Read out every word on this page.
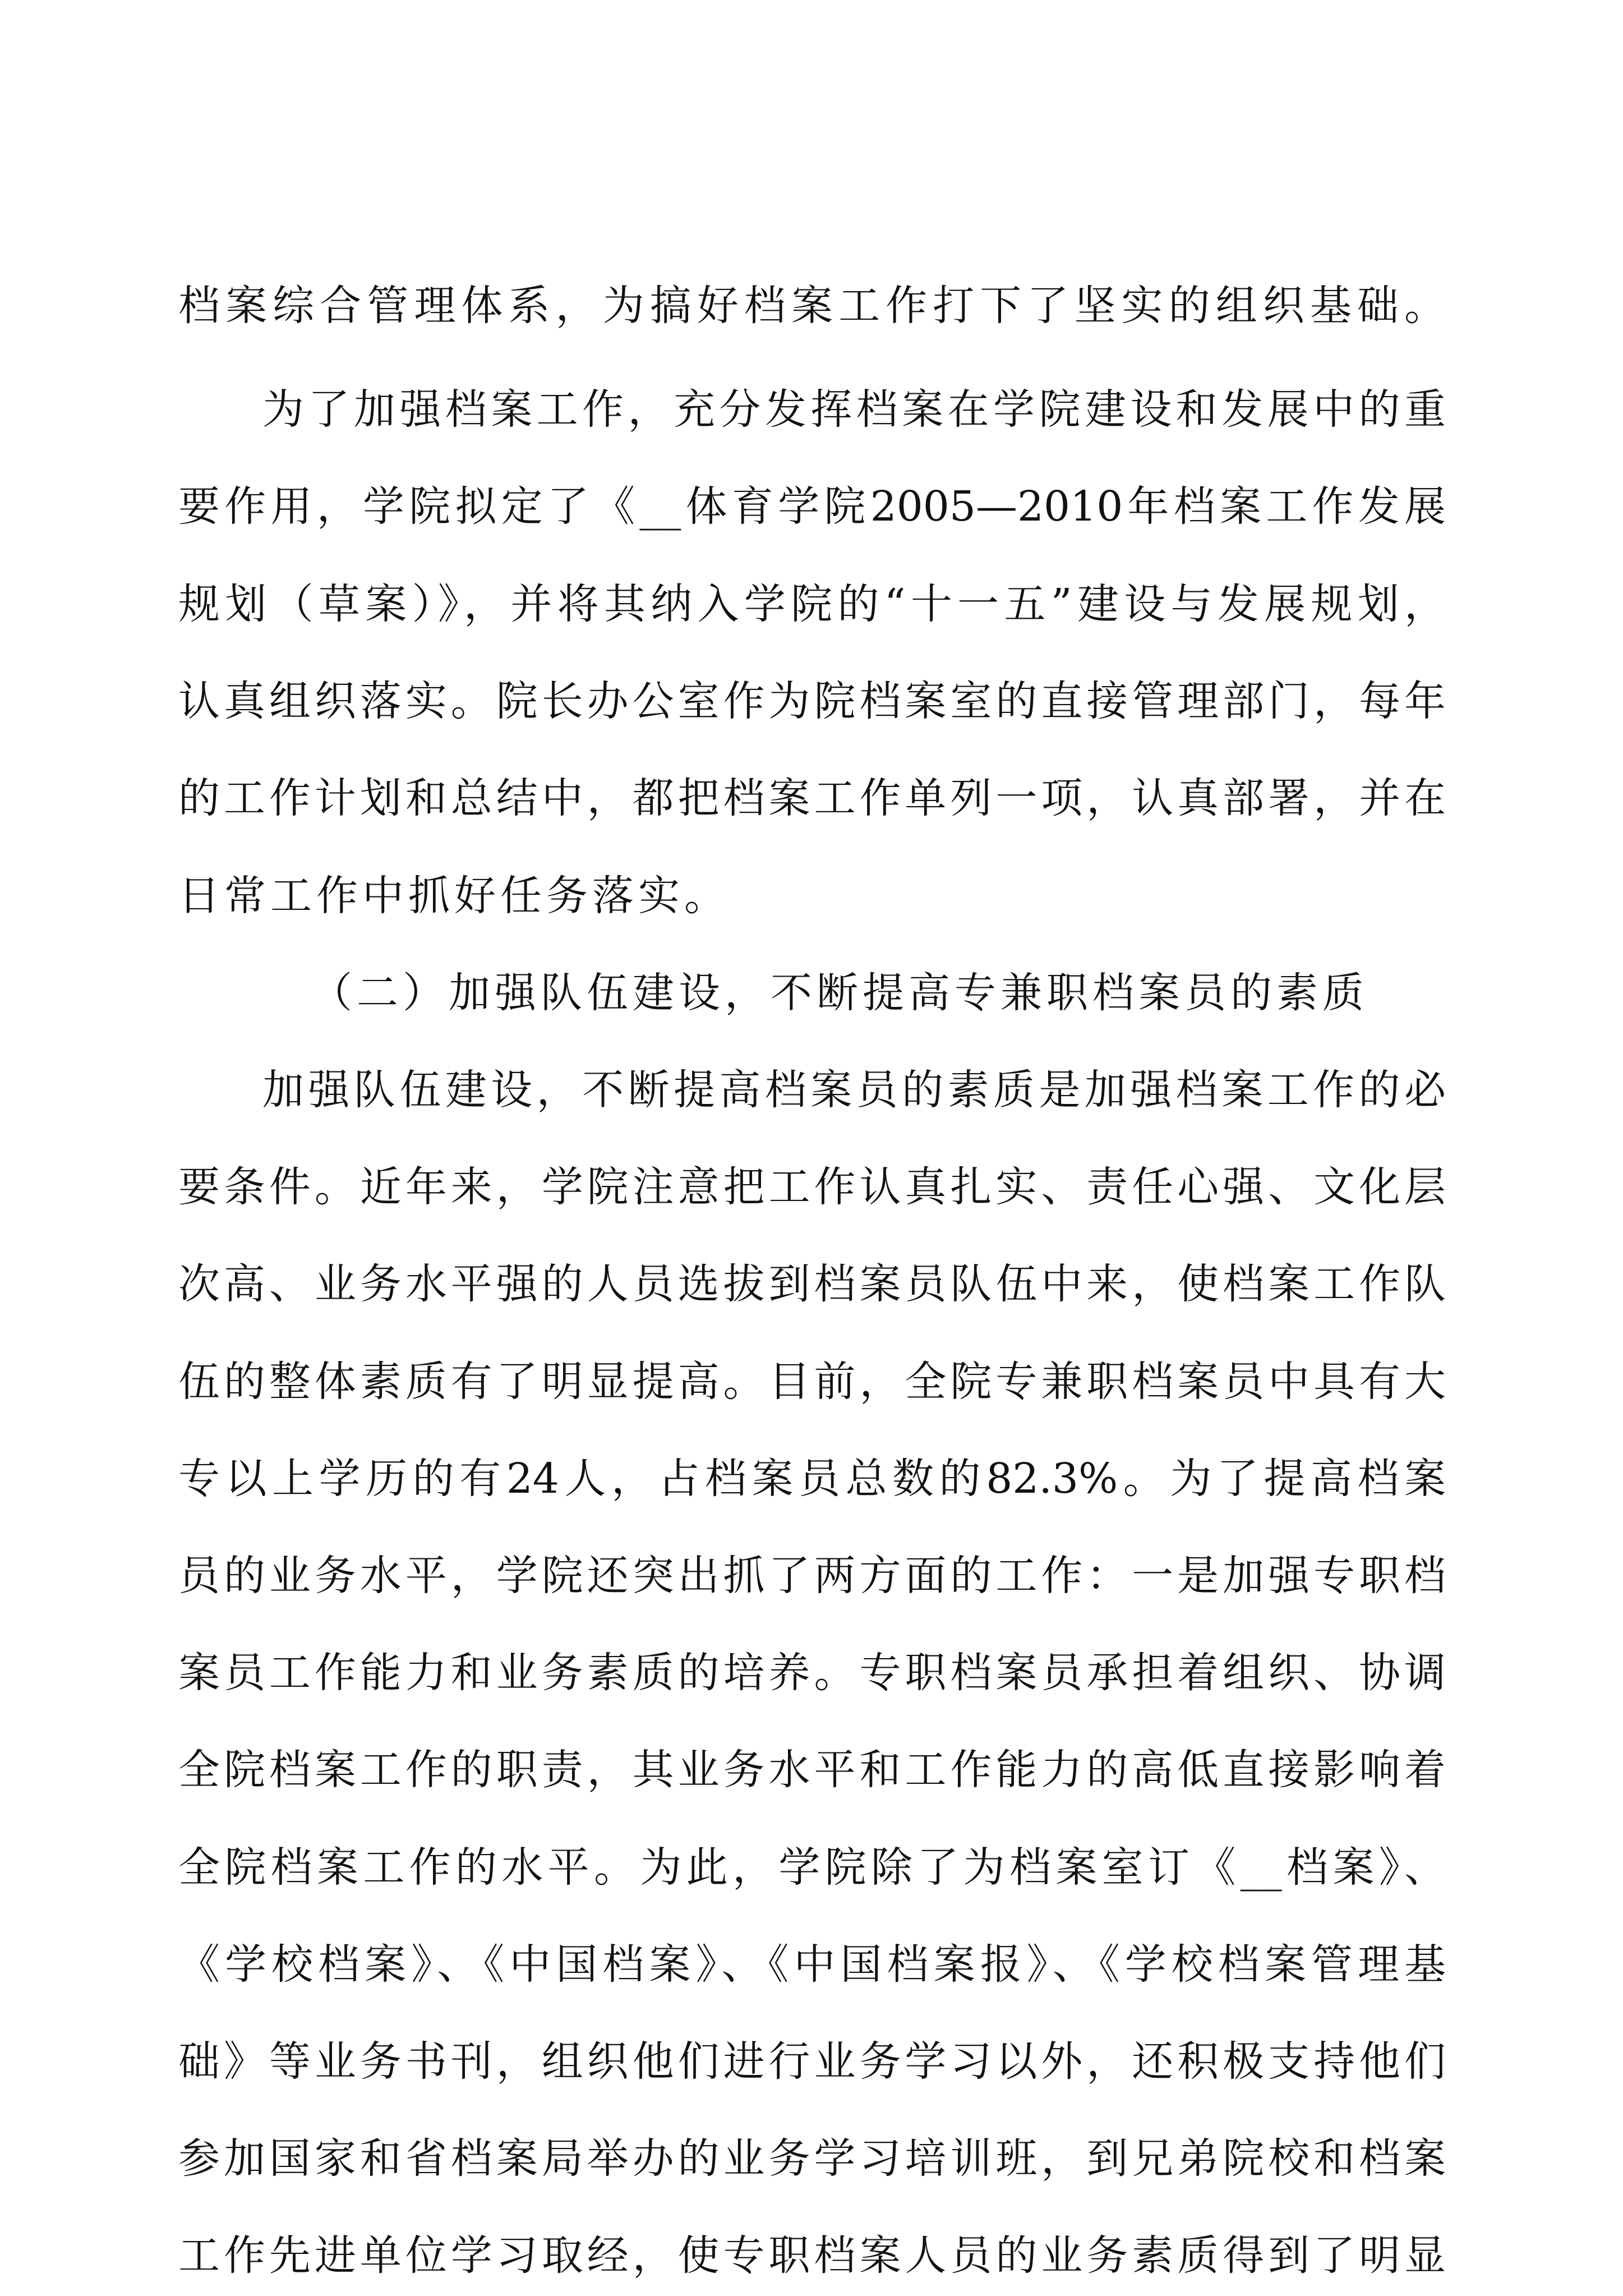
档案综合管理体系，为搞好档案工作打下了坚实的组织基础。
为了加强档案工作，充分发挥档案在学院建设和发展中的重
要作用，学院拟定了《__体育学院2005—2010年档案工作发展
规划（草案）》，并将其纳入学院的“十一五”建设与发展规划，
认真组织落实。院长办公室作为院档案室的直接管理部门，每年
的工作计划和总结中，都把档案工作单列一项，认真部署，并在
日常工作中抓好任务落实。
（二）加强队伍建设，不断提高专兼职档案员的素质
加强队伍建设，不断提高档案员的素质是加强档案工作的必
要条件。近年来，学院注意把工作认真扎实、责任心强、文化层
次高、业务水平强的人员选拔到档案员队伍中来，使档案工作队
伍的整体素质有了明显提高。目前，全院专兼职档案员中具有大
专以上学历的有24人，占档案员总数的82.3%。为了提高档案
员的业务水平，学院还突出抓了两方面的工作：一是加强专职档
案员工作能力和业务素质的培养。专职档案员承担着组织、协调
全院档案工作的职责，其业务水平和工作能力的高低直接影响着
全院档案工作的水平。为此，学院除了为档案室订《__档案》、
《学校档案》、《中国档案》、《中国档案报》、《学校档案管理基
础》等业务书刊，组织他们进行业务学习以外，还积极支持他们
参加国家和省档案局举办的业务学习培训班，到兄弟院校和档案
工作先进单位学习取经，使专职档案人员的业务素质得到了明显
